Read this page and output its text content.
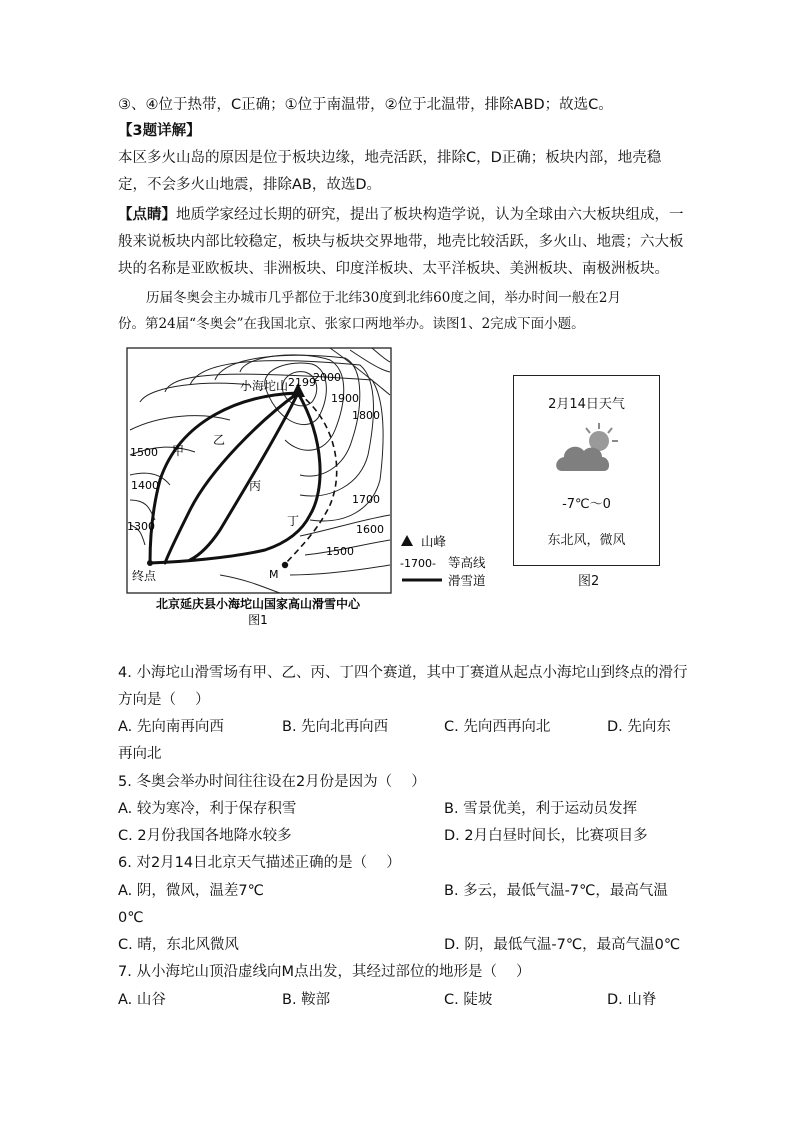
③、④位于热带，C正确；①位于南温带，②位于北温带，排除ABD；故选C。
【3题详解】
本区多火山岛的原因是位于板块边缘，地壳活跃，排除C，D正确；板块内部，地壳稳
定，不会多火山地震，排除AB，故选D。
【点睛】地质学家经过长期的研究，提出了板块构造学说，认为全球由六大板块组成，一
般来说板块内部比较稳定，板块与板块交界地带，地壳比较活跃，多火山、地震；六大板
块的名称是亚欧板块、非洲板块、印度洋板块、太平洋板块、美洲板块、南极洲板块。
历届冬奥会主办城市几乎都位于北纬30度到北纬60度之间，举办时间一般在2月
份。第24届“冬奥会”在我国北京、张家口两地举办。读图1、2完成下面小题。
小海坨山 2199
2000
1900
1800
1700
1600
1500
1500
1400
1300
甲
乙
丙
丁
终点	M
山峰
-1700- 等高线
滑雪道
北京延庆县小海坨山国家高山滑雪中心
图1
2月14日天气
-7℃～0
东北风，微风
图2
4. 小海坨山滑雪场有甲、乙、丙、丁四个赛道，其中丁赛道从起点小海坨山到终点的滑行
方向是（　 ）
A. 先向南再向西	B. 先向北再向西	C. 先向西再向北	D. 先向东
再向北
5. 冬奥会举办时间往往设在2月份是因为（　 ）
A. 较为寒冷，利于保存积雪	B. 雪景优美，利于运动员发挥
C. 2月份我国各地降水较多	D. 2月白昼时间长，比赛项目多
6. 对2月14日北京天气描述正确的是（　 ）
A. 阴，微风，温差7℃	B. 多云，最低气温-7℃，最高气温
0℃
C. 晴，东北风微风	D. 阴，最低气温-7℃，最高气温0℃
7. 从小海坨山顶沿虚线向M点出发，其经过部位的地形是（　 ）
A. 山谷	B. 鞍部	C. 陡坡	D. 山脊
